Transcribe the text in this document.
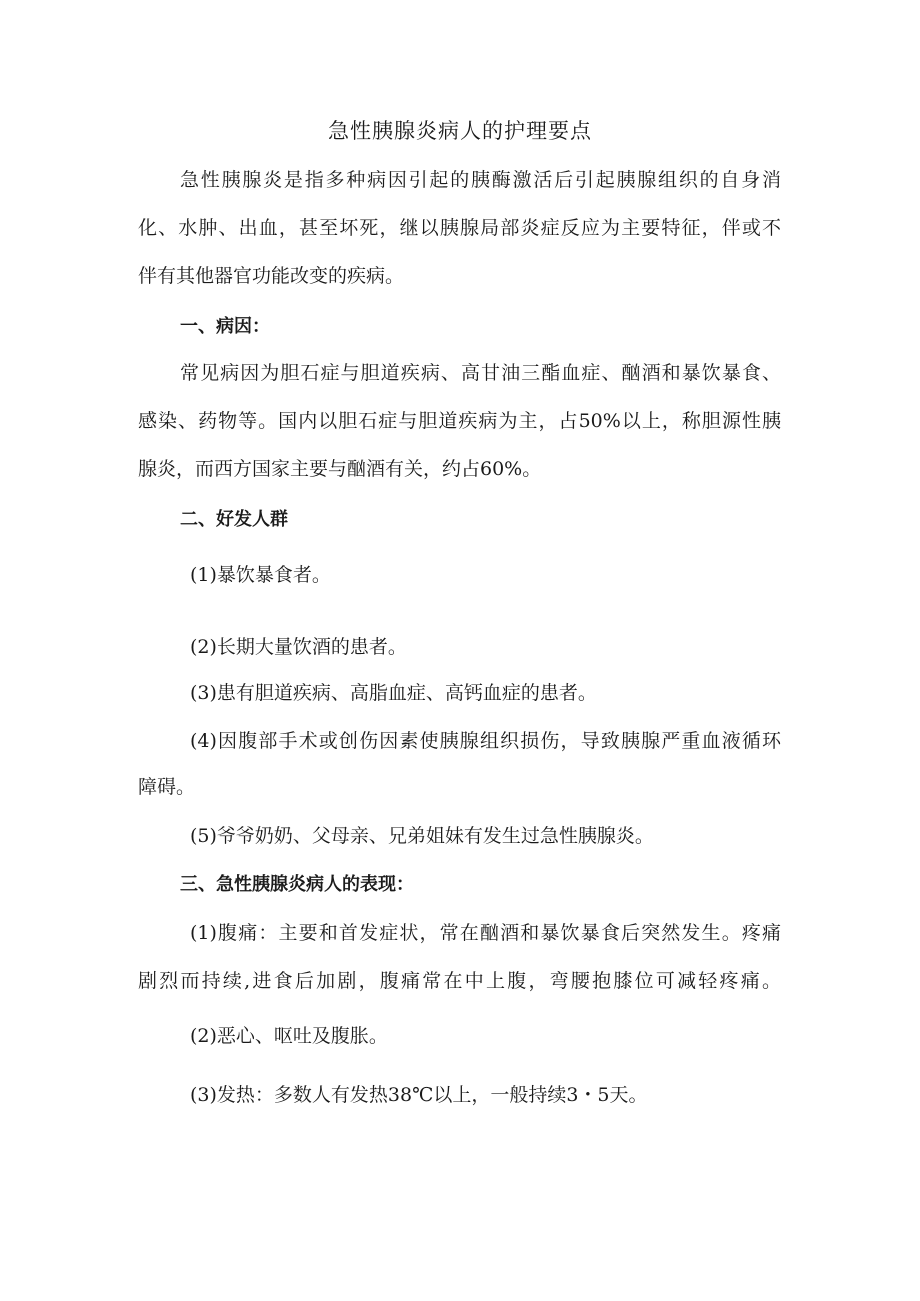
急性胰腺炎病人的护理要点
急性胰腺炎是指多种病因引起的胰酶激活后引起胰腺组织的自身消
化、水肿、出血，甚至坏死，继以胰腺局部炎症反应为主要特征，伴或不
伴有其他器官功能改变的疾病。
一、病因：
常见病因为胆石症与胆道疾病、高甘油三酯血症、酗酒和暴饮暴食、
感染、药物等。国内以胆石症与胆道疾病为主，占50%以上，称胆源性胰
腺炎，而西方国家主要与酗酒有关，约占60%。
二、好发人群
(1)暴饮暴食者。
(2)长期大量饮酒的患者。
(3)患有胆道疾病、高脂血症、高钙血症的患者。
(4)因腹部手术或创伤因素使胰腺组织损伤，导致胰腺严重血液循环
障碍。
(5)爷爷奶奶、父母亲、兄弟姐妹有发生过急性胰腺炎。
三、急性胰腺炎病人的表现：
(1)腹痛：主要和首发症状，常在酗酒和暴饮暴食后突然发生。疼痛
剧烈而持续,进食后加剧，腹痛常在中上腹，弯腰抱膝位可减轻疼痛。
(2)恶心、呕吐及腹胀。
(3)发热：多数人有发热38℃以上，一般持续3・5天。
